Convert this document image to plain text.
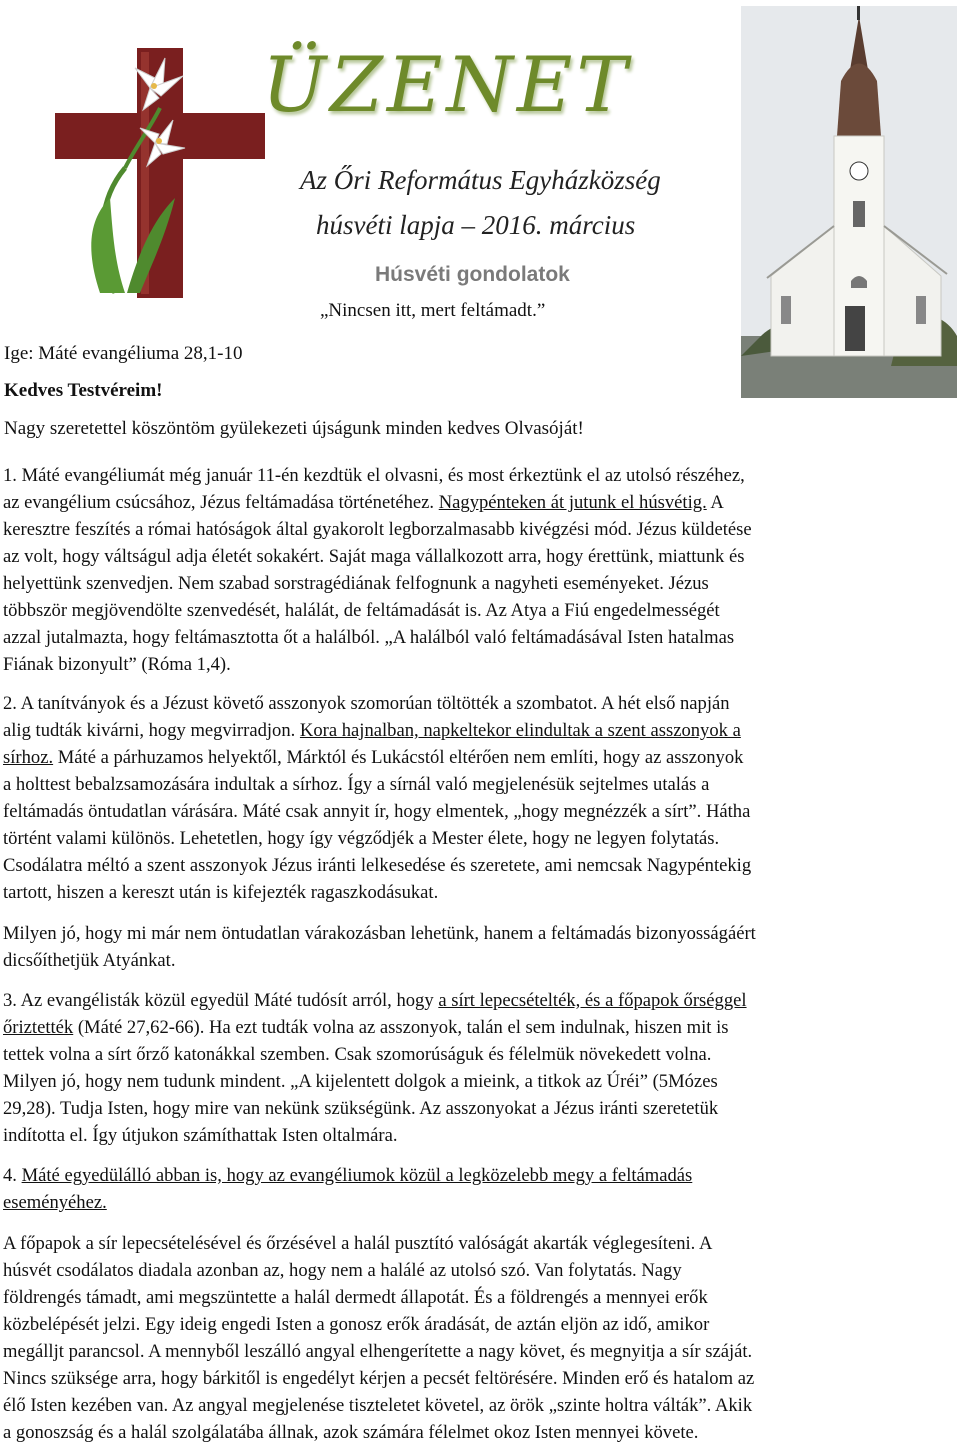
ÜZENET
Az Őri Református Egyházközség
húsvéti lapja – 2016. március
Húsvéti gondolatok
„Nincsen itt, mert feltámadt.”
Ige: Máté evangéliuma 28,1-10
Kedves Testvéreim!
Nagy szeretettel köszöntöm gyülekezeti újságunk minden kedves Olvasóját!
1. Máté evangéliumát még január 11-én kezdtük el olvasni, és most érkeztünk el az utolsó részéhez,
az evangélium csúcsához, Jézus feltámadása történetéhez. Nagypénteken át jutunk el húsvétig. A
keresztre feszítés a római hatóságok által gyakorolt legborzalmasabb kivégzési mód. Jézus küldetése
az volt, hogy váltságul adja életét sokakért. Saját maga vállalkozott arra, hogy érettünk, miattunk és
helyettünk szenvedjen. Nem szabad sorstragédiának felfognunk a nagyheti eseményeket. Jézus
többször megjövendölte szenvedését, halálát, de feltámadását is. Az Atya a Fiú engedelmességét
azzal jutalmazta, hogy feltámasztotta őt a halálból. „A halálból való feltámadásával Isten hatalmas
Fiának bizonyult” (Róma 1,4).
2. A tanítványok és a Jézust követő asszonyok szomorúan töltötték a szombatot. A hét első napján
alig tudták kivárni, hogy megvirradjon. Kora hajnalban, napkeltekor elindultak a szent asszonyok a
sírhoz. Máté a párhuzamos helyektől, Márktól és Lukácstól eltérően nem említi, hogy az asszonyok
a holttest bebalzsamozására indultak a sírhoz. Így a sírnál való megjelenésük sejtelmes utalás a
feltámadás öntudatlan várására. Máté csak annyit ír, hogy elmentek, „hogy megnézzék a sírt”. Hátha
történt valami különös. Lehetetlen, hogy így végződjék a Mester élete, hogy ne legyen folytatás.
Csodálatra méltó a szent asszonyok Jézus iránti lelkesedése és szeretete, ami nemcsak Nagypéntekig
tartott, hiszen a kereszt után is kifejezték ragaszkodásukat.
Milyen jó, hogy mi már nem öntudatlan várakozásban lehetünk, hanem a feltámadás bizonyosságáért
dicsőíthetjük Atyánkat.
3. Az evangélisták közül egyedül Máté tudósít arról, hogy a sírt lepecsételték, és a főpapok őrséggel
őriztették (Máté 27,62-66). Ha ezt tudták volna az asszonyok, talán el sem indulnak, hiszen mit is
tettek volna a sírt őrző katonákkal szemben. Csak szomorúságuk és félelmük növekedett volna.
Milyen jó, hogy nem tudunk mindent. „A kijelentett dolgok a mieink, a titkok az Úréi” (5Mózes
29,28). Tudja Isten, hogy mire van nekünk szükségünk. Az asszonyokat a Jézus iránti szeretetük
indította el. Így útjukon számíthattak Isten oltalmára.
4. Máté egyedülálló abban is, hogy az evangéliumok közül a legközelebb megy a feltámadás
eseményéhez.
A főpapok a sír lepecsételésével és őrzésével a halál pusztító valóságát akarták véglegesíteni. A
húsvét csodálatos diadala azonban az, hogy nem a halálé az utolsó szó. Van folytatás. Nagy
földrengés támadt, ami megszüntette a halál dermedt állapotát. És a földrengés a mennyei erők
közbelépését jelzi. Egy ideig engedi Isten a gonosz erők áradását, de aztán eljön az idő, amikor
megálljt parancsol. A mennyből leszálló angyal elhengerítette a nagy követ, és megnyitja a sír száját.
Nincs szüksége arra, hogy bárkitől is engedélyt kérjen a pecsét feltörésére. Minden erő és hatalom az
élő Isten kezében van. Az angyal megjelenése tiszteletet követel, az örök „szinte holtra válták”. Akik
a gonoszság és a halál szolgálatába állnak, azok számára félelmet okoz Isten mennyei követe.
